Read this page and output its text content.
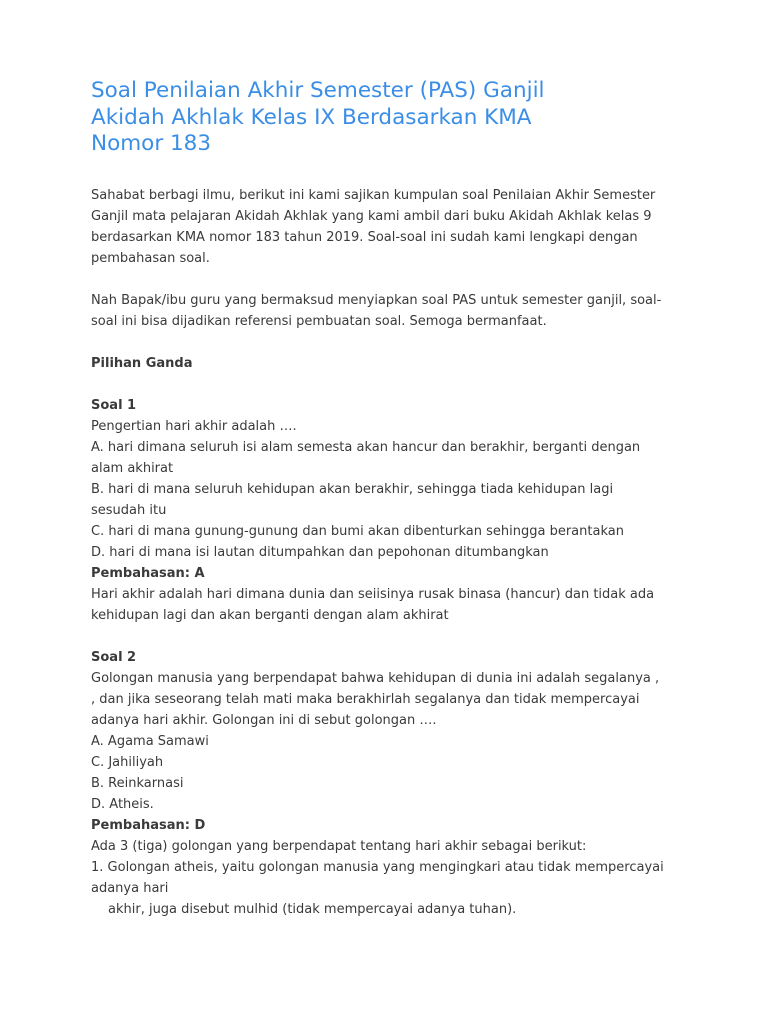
Soal Penilaian Akhir Semester (PAS) Ganjil
Akidah Akhlak Kelas IX Berdasarkan KMA
Nomor 183
Sahabat berbagi ilmu, berikut ini kami sajikan kumpulan soal Penilaian Akhir Semester
Ganjil mata pelajaran Akidah Akhlak yang kami ambil dari buku Akidah Akhlak kelas 9
berdasarkan KMA nomor 183 tahun 2019. Soal-soal ini sudah kami lengkapi dengan
pembahasan soal.
Nah Bapak/ibu guru yang bermaksud menyiapkan soal PAS untuk semester ganjil, soal-
soal ini bisa dijadikan referensi pembuatan soal. Semoga bermanfaat.
Pilihan Ganda
Soal 1
Pengertian hari akhir adalah ….
A. hari dimana seluruh isi alam semesta akan hancur dan berakhir, berganti dengan
alam akhirat
B. hari di mana seluruh kehidupan akan berakhir, sehingga tiada kehidupan lagi
sesudah itu
C. hari di mana gunung-gunung dan bumi akan dibenturkan sehingga berantakan
D. hari di mana isi lautan ditumpahkan dan pepohonan ditumbangkan
Pembahasan: A
Hari akhir adalah hari dimana dunia dan seiisinya rusak binasa (hancur) dan tidak ada
kehidupan lagi dan akan berganti dengan alam akhirat
Soal 2
Golongan manusia yang berpendapat bahwa kehidupan di dunia ini adalah segalanya ,
, dan jika seseorang telah mati maka berakhirlah segalanya dan tidak mempercayai
adanya hari akhir. Golongan ini di sebut golongan ….
A. Agama Samawi
C. Jahiliyah
B. Reinkarnasi
D. Atheis.
Pembahasan: D
Ada 3 (tiga) golongan yang berpendapat tentang hari akhir sebagai berikut:
1. Golongan atheis, yaitu golongan manusia yang mengingkari atau tidak mempercayai
adanya hari
akhir, juga disebut mulhid (tidak mempercayai adanya tuhan).
